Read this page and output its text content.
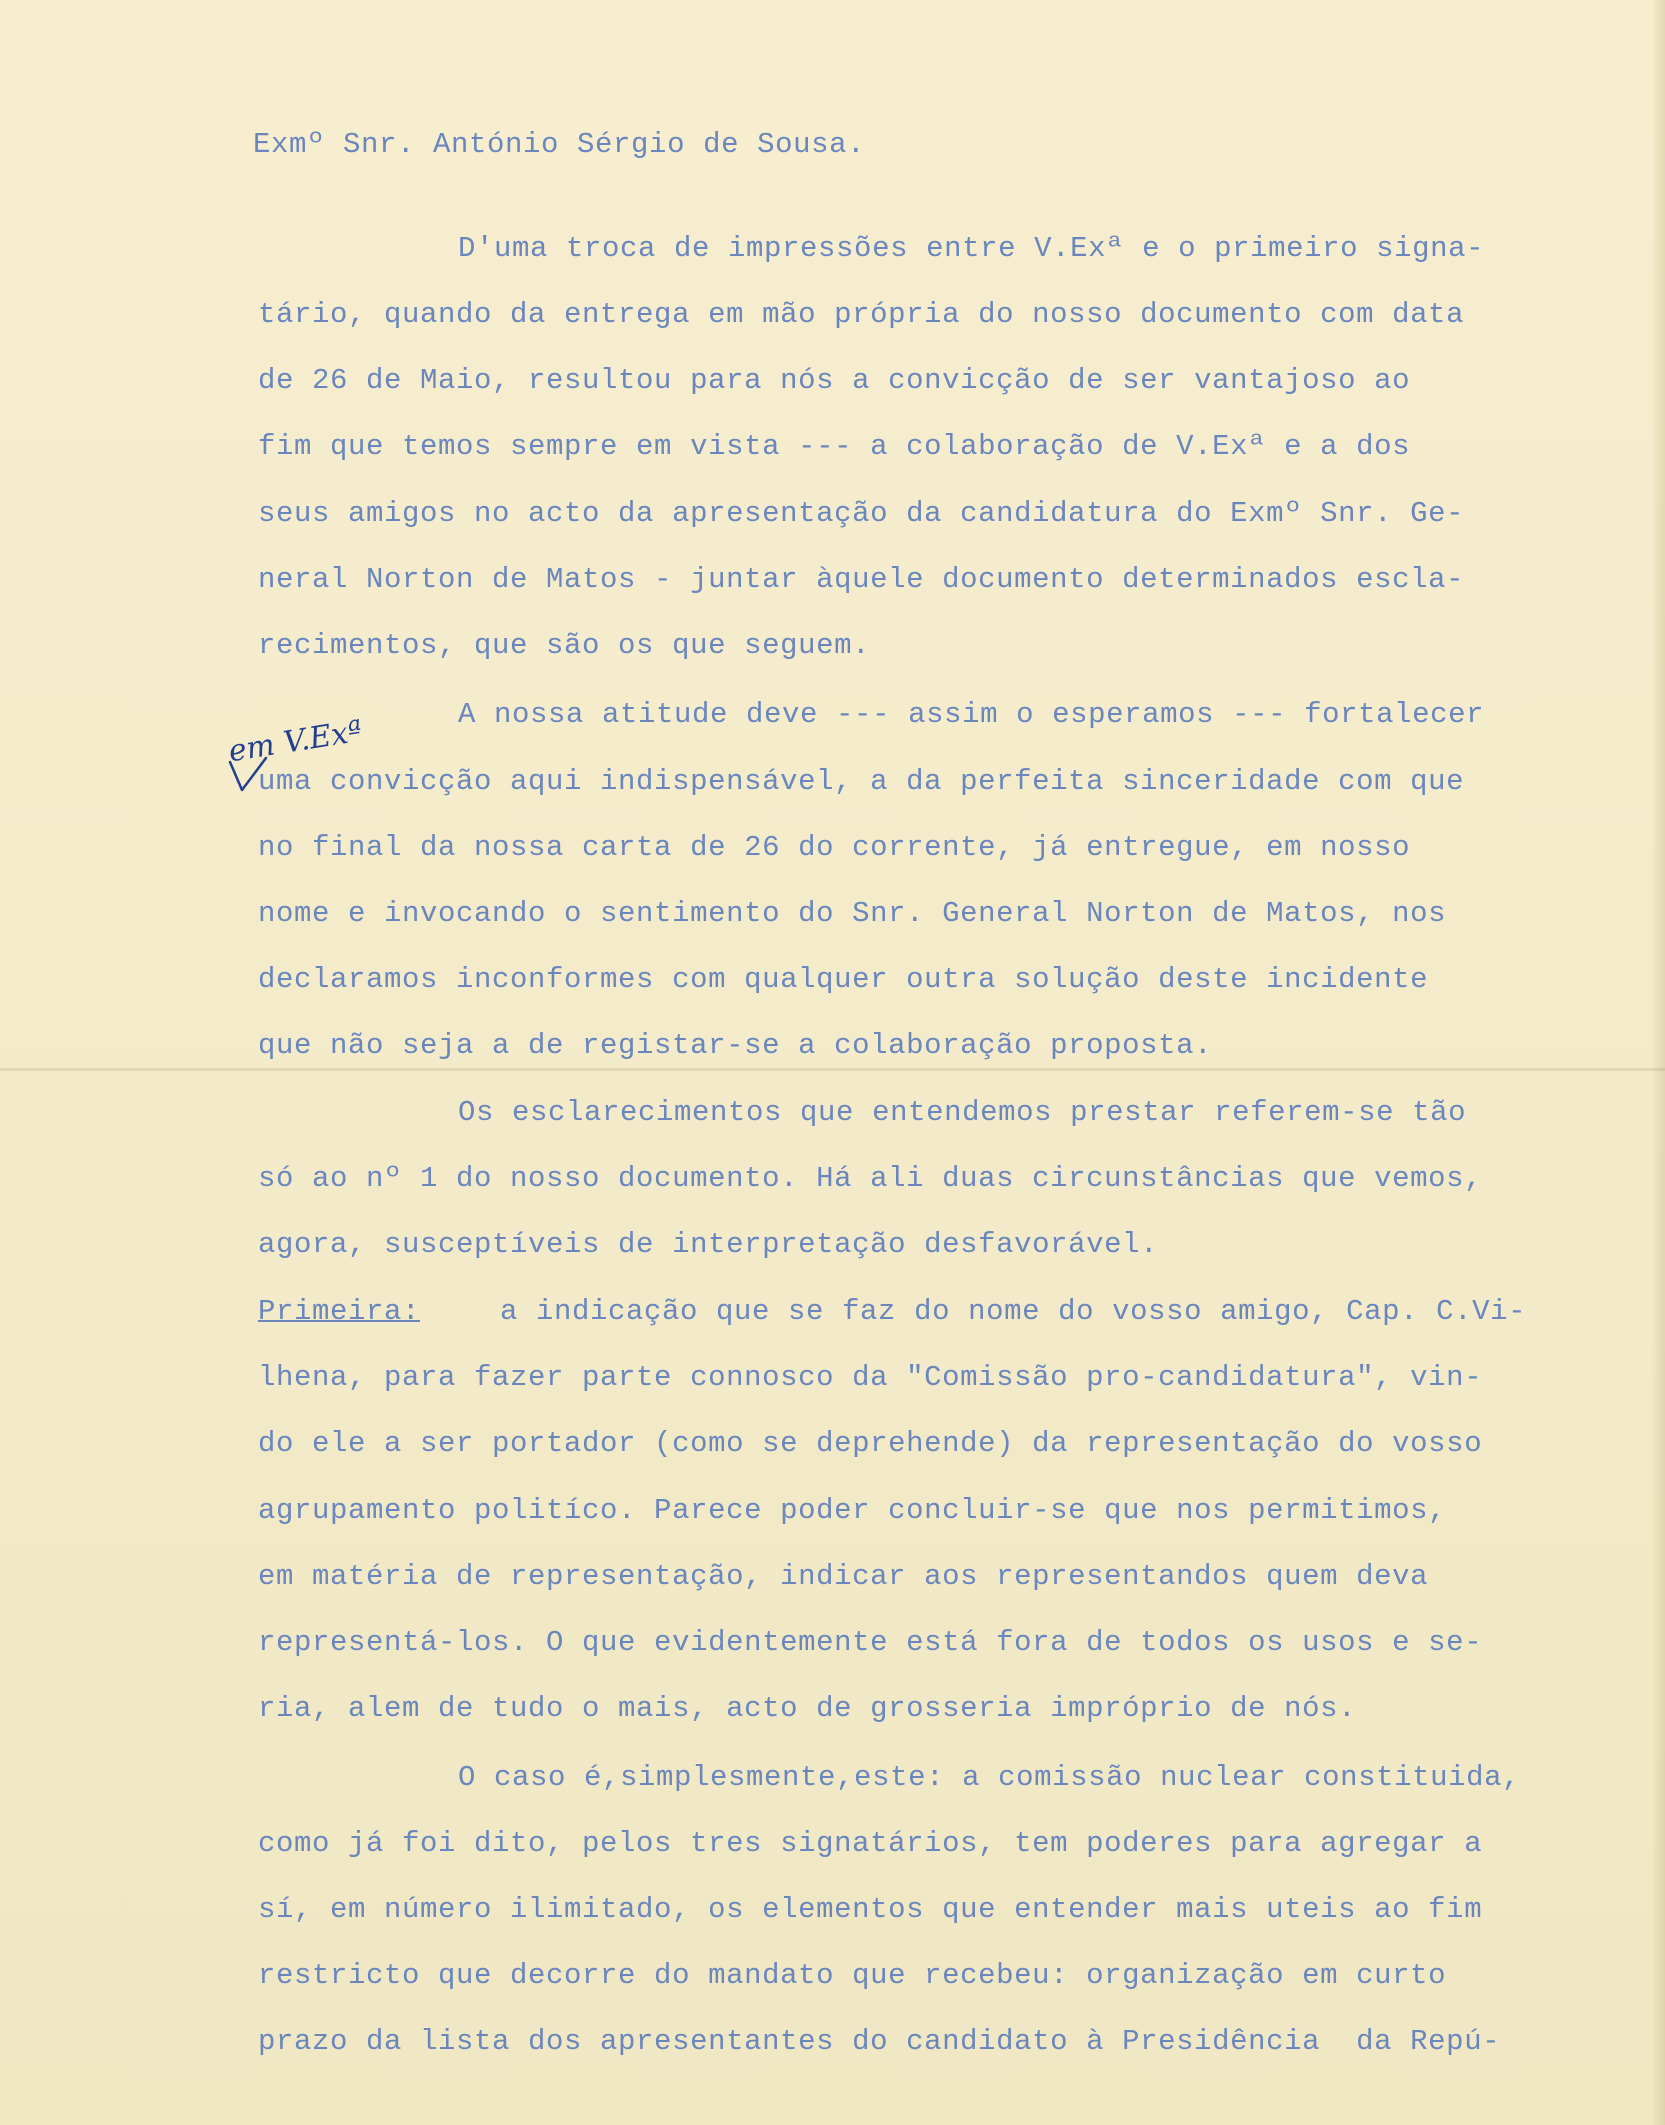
Exmº Snr. António Sérgio de Sousa.

D'uma troca de impressões entre V.Exª e o primeiro signa-

tário, quando da entrega em mão própria do nosso documento com data

de 26 de Maio, resultou para nós a convicção de ser vantajoso ao

fim que temos sempre em vista --- a colaboração de V.Exª e a dos

seus amigos no acto da apresentação da candidatura do Exmº Snr. Ge-

neral Norton de Matos - juntar àquele documento determinados escla-

recimentos, que são os que seguem.

A nossa atitude deve --- assim o esperamos --- fortalecer

uma convicção aqui indispensável, a da perfeita sinceridade com que

no final da nossa carta de 26 do corrente, já entregue, em nosso

nome e invocando o sentimento do Snr. General Norton de Matos, nos

declaramos inconformes com qualquer outra solução deste incidente

que não seja a de registar-se a colaboração proposta.

Os esclarecimentos que entendemos prestar referem-se tão

só ao nº 1 do nosso documento. Há ali duas circunstâncias que vemos,

agora, susceptíveis de interpretação desfavorável.

Primeira:

	a indicação que se faz do nome do vosso amigo, Cap. C.Vi-

lhena, para fazer parte connosco da "Comissão pro-candidatura", vin-

do ele a ser portador (como se deprehende) da representação do vosso

agrupamento politíco. Parece poder concluir-se que nos permitimos,

em matéria de representação, indicar aos representandos quem deva

representá-los. O que evidentemente está fora de todos os usos e se-

ria, alem de tudo o mais, acto de grosseria impróprio de nós.

O caso é,simplesmente,este: a comissão nuclear constituida,

como já foi dito, pelos tres signatários, tem poderes para agregar a

sí, em número ilimitado, os elementos que entender mais uteis ao fim

restricto que decorre do mandato que recebeu: organização em curto

prazo da lista dos apresentantes do candidato à Presidência  da Repú-

em V.Exª
